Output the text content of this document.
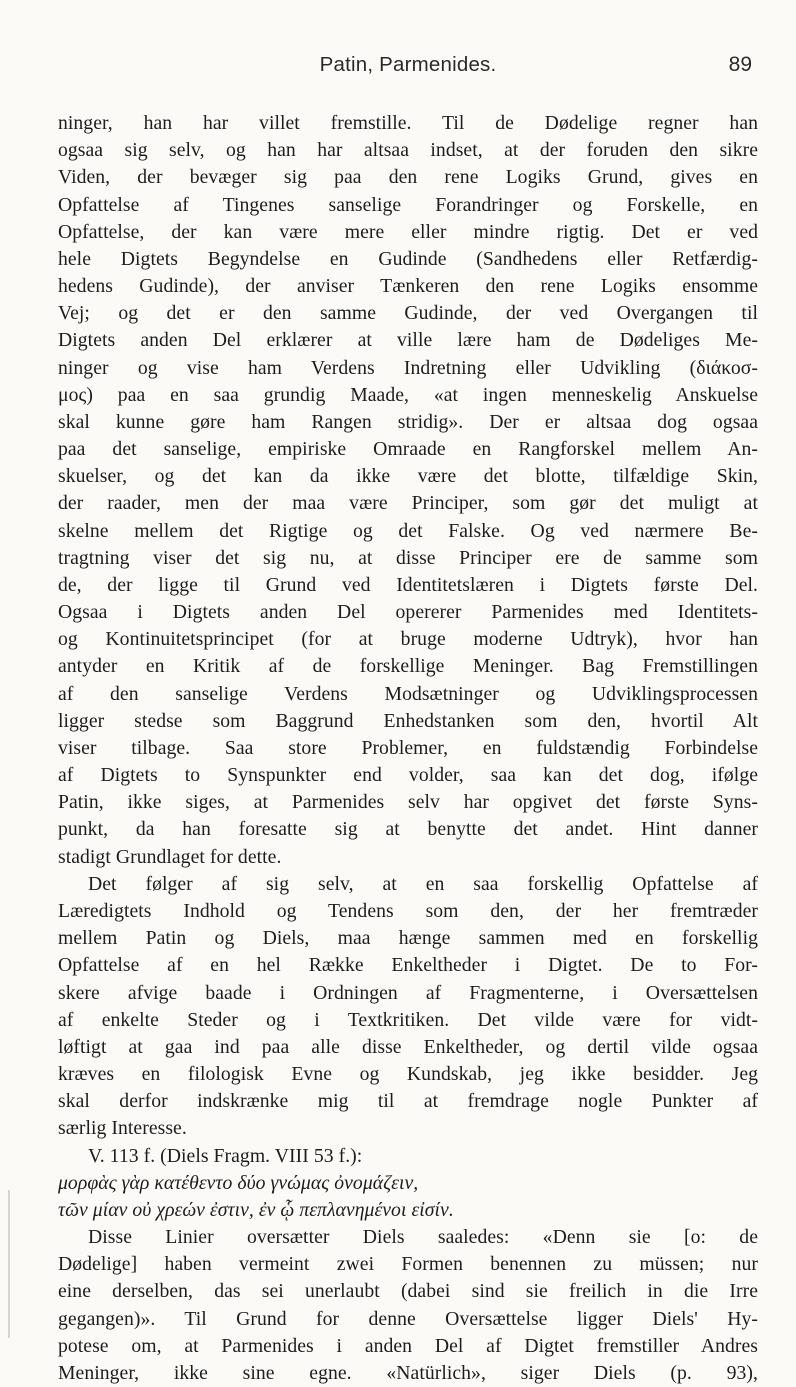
Patin, Parmenides.	89
ninger, han har villet fremstille. Til de Dødelige regner han
ogsaa sig selv, og han har altsaa indset, at der foruden den sikre
Viden, der bevæger sig paa den rene Logiks Grund, gives en
Opfattelse af Tingenes sanselige Forandringer og Forskelle, en
Opfattelse, der kan være mere eller mindre rigtig. Det er ved
hele Digtets Begyndelse en Gudinde (Sandhedens eller Retfærdig-
hedens Gudinde), der anviser Tænkeren den rene Logiks ensomme
Vej; og det er den samme Gudinde, der ved Overgangen til
Digtets anden Del erklærer at ville lære ham de Dødeliges Me-
ninger og vise ham Verdens Indretning eller Udvikling (διάκοσ-
μος) paa en saa grundig Maade, «at ingen menneskelig Anskuelse
skal kunne gøre ham Rangen stridig». Der er altsaa dog ogsaa
paa det sanselige, empiriske Omraade en Rangforskel mellem An-
skuelser, og det kan da ikke være det blotte, tilfældige Skin,
der raader, men der maa være Principer, som gør det muligt at
skelne mellem det Rigtige og det Falske. Og ved nærmere Be-
tragtning viser det sig nu, at disse Principer ere de samme som
de, der ligge til Grund ved Identitetslæren i Digtets første Del.
Ogsaa i Digtets anden Del opererer Parmenides med Identitets-
og Kontinuitetsprincipet (for at bruge moderne Udtryk), hvor han
antyder en Kritik af de forskellige Meninger. Bag Fremstillingen
af den sanselige Verdens Modsætninger og Udviklingsprocessen
ligger stedse som Baggrund Enhedstanken som den, hvortil Alt
viser tilbage. Saa store Problemer, en fuldstændig Forbindelse
af Digtets to Synspunkter end volder, saa kan det dog, ifølge
Patin, ikke siges, at Parmenides selv har opgivet det første Syns-
punkt, da han foresatte sig at benytte det andet. Hint danner
stadigt Grundlaget for dette.
Det følger af sig selv, at en saa forskellig Opfattelse af
Læredigtets Indhold og Tendens som den, der her fremtræder
mellem Patin og Diels, maa hænge sammen med en forskellig
Opfattelse af en hel Række Enkeltheder i Digtet. De to For-
skere afvige baade i Ordningen af Fragmenterne, i Oversættelsen
af enkelte Steder og i Textkritiken. Det vilde være for vidt-
løftigt at gaa ind paa alle disse Enkeltheder, og dertil vilde ogsaa
kræves en filologisk Evne og Kundskab, jeg ikke besidder. Jeg
skal derfor indskrænke mig til at fremdrage nogle Punkter af
særlig Interesse.
V. 113 f. (Diels Fragm. VIII 53 f.):
μορφὰς γὰρ κατέθεντο δύο γνώμας ὀνομάζειν,
τῶν μίαν οὐ χρεών ἐστιν, ἐν ᾧ πεπλανημένοι εἰσίν.
Disse Linier oversætter Diels saaledes: «Denn sie [o: de
Dødelige] haben vermeint zwei Formen benennen zu müssen; nur
eine derselben, das sei unerlaubt (dabei sind sie freilich in die Irre
gegangen)». Til Grund for denne Oversættelse ligger Diels' Hy-
potese om, at Parmenides i anden Del af Digtet fremstiller Andres
Meninger, ikke sine egne. «Natürlich», siger Diels (p. 93),
